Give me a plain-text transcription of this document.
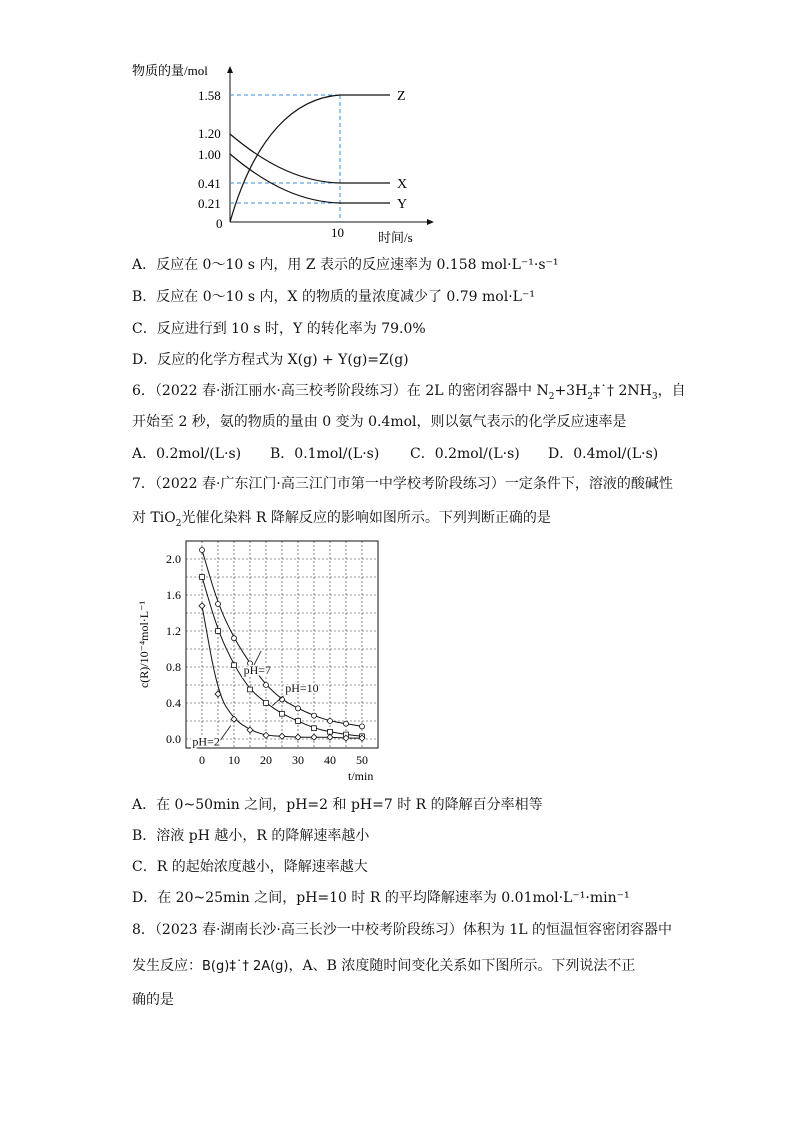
物质的量/mol
1.58
1.20
1.00
0.41
0.21
0
10	时间/s
Z
X
Y
A．反应在 0～10 s 内，用 Z 表示的反应速率为 0.158 mol·L⁻¹·s⁻¹
B．反应在 0～10 s 内，X 的物质的量浓度减少了 0.79 mol·L⁻¹
C．反应进行到 10 s 时，Y 的转化率为 79.0%
D．反应的化学方程式为 X(g) + Y(g)=Z(g)
6．（2022 春·浙江丽水·高三校考阶段练习）在 2L 的密闭容器中 $N_2+3H_2\ddagger˙\dagger$ $2NH_3$，自
开始至 2 秒，氨的物质的量由 0 变为 0.4mol，则以氨气表示的化学反应速率是
A．0.2mol/(L·s) B．0.1mol/(L·s) C．0.2mol/(L·s) D．0.4mol/(L·s)
7．（2022 春·广东江门·高三江门市第一中学校考阶段练习）一定条件下，溶液的酸碱性
对 TiO$_2$光催化染料 R 降解反应的影响如图所示。下列判断正确的是
0 10 20 30 40 50
2.0
1.6
1.2
0.8
0.4
0.0
c(R)/10⁻⁴mol·L⁻¹
t/min
pH=7
pH=10
pH=2
A．在 0~50min 之间，pH=2 和 pH=7 时 R 的降解百分率相等
B．溶液 pH 越小，R 的降解速率越小
C．R 的起始浓度越小，降解速率越大
D．在 20~25min 之间，pH=10 时 R 的平均降解速率为 0.01mol·L⁻¹·min⁻¹
8．（2023 春·湖南长沙·高三长沙一中校考阶段练习）体积为 1L 的恒温恒容密闭容器中
发生反应：B(g)‡˙† 2A(g)，A、B 浓度随时间变化关系如下图所示。下列说法不正
确的是
